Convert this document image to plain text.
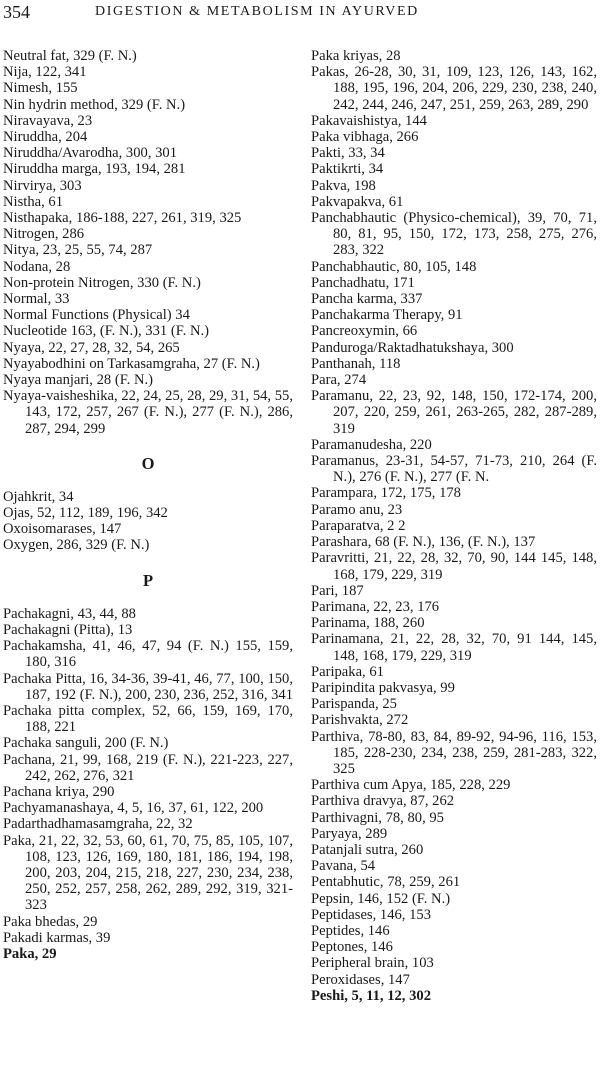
354	DIGESTION & METABOLISM IN AYURVED
Neutral fat, 329 (F. N.)
Nija, 122, 341
Nimesh, 155
Nin hydrin method, 329 (F. N.)
Niravayava, 23
Niruddha, 204
Niruddha/Avarodha, 300, 301
Niruddha marga, 193, 194, 281
Nirvirya, 303
Nistha, 61
Nisthapaka, 186-188, 227, 261, 319, 325
Nitrogen, 286
Nitya, 23, 25, 55, 74, 287
Nodana, 28
Non-protein Nitrogen, 330 (F. N.)
Normal, 33
Normal Functions (Physical) 34
Nucleotide 163, (F. N.), 331 (F. N.)
Nyaya, 22, 27, 28, 32, 54, 265
Nyayabodhini on Tarkasamgraha, 27 (F. N.)
Nyaya manjari, 28 (F. N.)
Nyaya-vaisheshika, 22, 24, 25, 28, 29, 31, 54, 55, 143, 172, 257, 267 (F. N.), 277 (F. N.), 286, 287, 294, 299
O
Ojahkrit, 34
Ojas, 52, 112, 189, 196, 342
Oxoisomarases, 147
Oxygen, 286, 329 (F. N.)
P
Pachakagni, 43, 44, 88
Pachakagni (Pitta), 13
Pachakamsha, 41, 46, 47, 94 (F. N.) 155, 159, 180, 316
Pachaka Pitta, 16, 34-36, 39-41, 46, 77, 100, 150, 187, 192 (F. N.), 200, 230, 236, 252, 316, 341
Pachaka pitta complex, 52, 66, 159, 169, 170, 188, 221
Pachaka sanguli, 200 (F. N.)
Pachana, 21, 99, 168, 219 (F. N.), 221-223, 227, 242, 262, 276, 321
Pachana kriya, 290
Pachyamanashaya, 4, 5, 16, 37, 61, 122, 200
Padarthadhamasamgraha, 22, 32
Paka, 21, 22, 32, 53, 60, 61, 70, 75, 85, 105, 107, 108, 123, 126, 169, 180, 181, 186, 194, 198, 200, 203, 204, 215, 218, 227, 230, 234, 238, 250, 252, 257, 258, 262, 289, 292, 319, 321-323
Paka bhedas, 29
Pakadi karmas, 39
Paka, 29
Paka kriyas, 28
Pakas, 26-28, 30, 31, 109, 123, 126, 143, 162, 188, 195, 196, 204, 206, 229, 230, 238, 240, 242, 244, 246, 247, 251, 259, 263, 289, 290
Pakavaishistya, 144
Paka vibhaga, 266
Pakti, 33, 34
Paktikrti, 34
Pakva, 198
Pakvapakva, 61
Panchabhautic (Physico-chemical), 39, 70, 71, 80, 81, 95, 150, 172, 173, 258, 275, 276, 283, 322
Panchabhautic, 80, 105, 148
Panchadhatu, 171
Pancha karma, 337
Panchakarma Therapy, 91
Pancreoxymin, 66
Panduroga/Raktadhatukshaya, 300
Panthanah, 118
Para, 274
Paramanu, 22, 23, 92, 148, 150, 172-174, 200, 207, 220, 259, 261, 263-265, 282, 287-289, 319
Paramanudesha, 220
Paramanus, 23-31, 54-57, 71-73, 210, 264 (F. N.), 276 (F. N.), 277 (F. N.
Parampara, 172, 175, 178
Paramo anu, 23
Paraparatva, 2 2
Parashara, 68 (F. N.), 136, (F. N.), 137
Paravritti, 21, 22, 28, 32, 70, 90, 144 145, 148, 168, 179, 229, 319
Pari, 187
Parimana, 22, 23, 176
Parinama, 188, 260
Parinamana, 21, 22, 28, 32, 70, 91 144, 145, 148, 168, 179, 229, 319
Paripaka, 61
Paripindita pakvasya, 99
Parispanda, 25
Parishvakta, 272
Parthiva, 78-80, 83, 84, 89-92, 94-96, 116, 153, 185, 228-230, 234, 238, 259, 281-283, 322, 325
Parthiva cum Apya, 185, 228, 229
Parthiva dravya, 87, 262
Parthivagni, 78, 80, 95
Paryaya, 289
Patanjali sutra, 260
Pavana, 54
Pentabhutic, 78, 259, 261
Pepsin, 146, 152 (F. N.)
Peptidases, 146, 153
Peptides, 146
Peptones, 146
Peripheral brain, 103
Peroxidases, 147
Peshi, 5, 11, 12, 302
